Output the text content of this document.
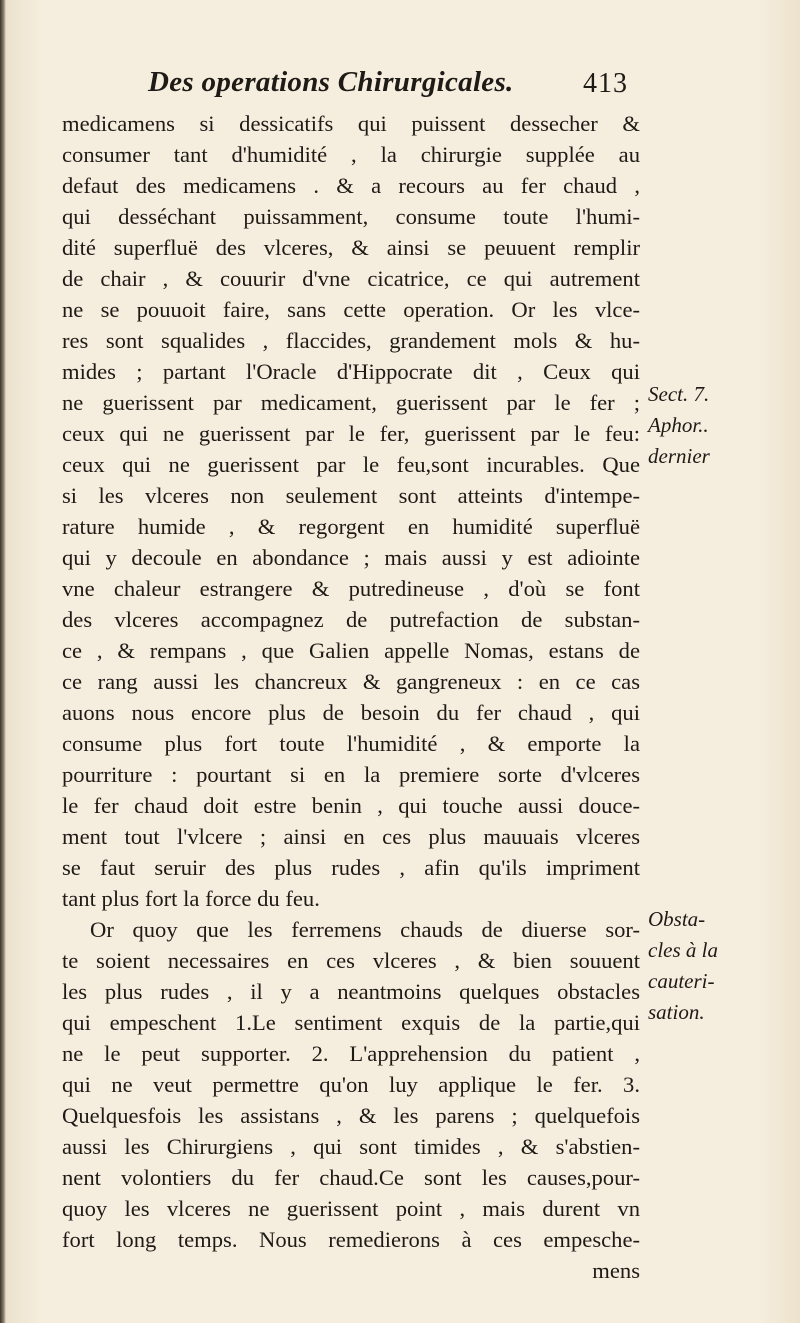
Des operations Chirurgicales. 413
medicamens si dessicatifs qui puissent dessecher &
consumer tant d'humidité , la chirurgie supplée au
defaut des medicamens . & a recours au fer chaud ,
qui desséchant puissamment, consume toute l'humi-
dité superfluë des vlceres, & ainsi se peuuent remplir
de chair , & couurir d'vne cicatrice, ce qui autrement
ne se pouuoit faire, sans cette operation. Or les vlce-
res sont squalides , flaccides, grandement mols & hu-
mides ; partant l'Oracle d'Hippocrate dit , Ceux qui
ne guerissent par medicament, guerissent par le fer ;
ceux qui ne guerissent par le fer, guerissent par le feu:
ceux qui ne guerissent par le feu,sont incurables. Que
si les vlceres non seulement sont atteints d'intempe-
rature humide , & regorgent en humidité superfluë
qui y decoule en abondance ; mais aussi y est adiointe
vne chaleur estrangere & putredineuse , d'où se font
des vlceres accompagnez de putrefaction de substan-
ce , & rempans , que Galien appelle Nomas, estans de
ce rang aussi les chancreux & gangreneux : en ce cas
auons nous encore plus de besoin du fer chaud , qui
consume plus fort toute l'humidité , & emporte la
pourriture : pourtant si en la premiere sorte d'vlceres
le fer chaud doit estre benin , qui touche aussi douce-
ment tout l'vlcere ; ainsi en ces plus mauuais vlceres
se faut seruir des plus rudes , afin qu'ils impriment
tant plus fort la force du feu.
Or quoy que les ferremens chauds de diuerse sor-
te soient necessaires en ces vlceres , & bien souuent
les plus rudes , il y a neantmoins quelques obstacles
qui empeschent 1.Le sentiment exquis de la partie,qui
ne le peut supporter. 2. L'apprehension du patient ,
qui ne veut permettre qu'on luy applique le fer. 3.
Quelquesfois les assistans , & les parens ; quelquefois
aussi les Chirurgiens , qui sont timides , & s'abstien-
nent volontiers du fer chaud.Ce sont les causes,pour-
quoy les vlceres ne guerissent point , mais durent vn
fort long temps. Nous remedierons à ces empesche-
mens
Sect. 7.
Aphor..
dernier
Obsta-
cles à la
cauteri-
sation.
